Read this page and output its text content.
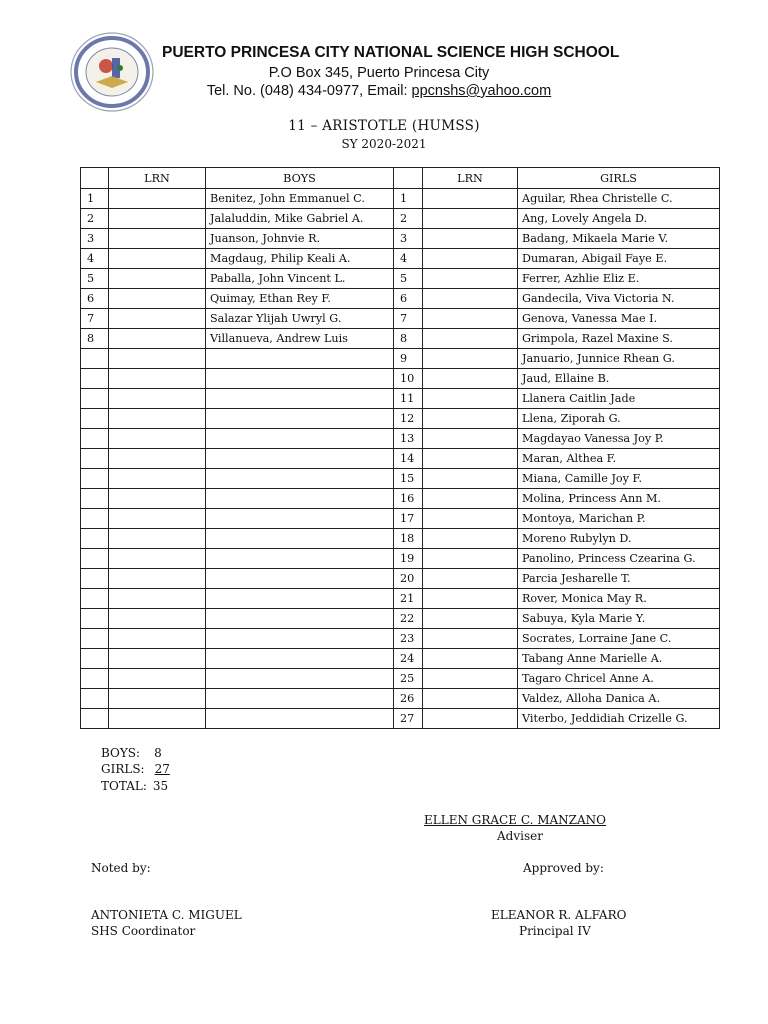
PUERTO PRINCESA CITY NATIONAL SCIENCE HIGH SCHOOL
P.O Box 345, Puerto Princesa City
Tel. No. (048) 434-0977, Email: ppcnshs@yahoo.com
11 – ARISTOTLE (HUMSS)
SY 2020-2021
	LRN	BOYS		LRN	GIRLS
1		Benitez, John Emmanuel C.	1		Aguilar, Rhea Christelle C.
2		Jalaluddin, Mike Gabriel A.	2		Ang, Lovely Angela D.
3		Juanson, Johnvie R.	3		Badang, Mikaela Marie V.
4		Magdaug, Philip Keali A.	4		Dumaran, Abigail Faye E.
5		Paballa, John Vincent L.	5		Ferrer, Azhlie Eliz E.
6		Quimay, Ethan Rey F.	6		Gandecila, Viva Victoria N.
7		Salazar Ylijah Uwryl G.	7		Genova, Vanessa Mae I.
8		Villanueva, Andrew Luis	8		Grimpola, Razel Maxine S.
			9		Januario, Junnice Rhean G.
			10		Jaud, Ellaine B.
			11		Llanera Caitlin Jade
			12		Llena, Ziporah G.
			13		Magdayao Vanessa Joy P.
			14		Maran, Althea F.
			15		Miana, Camille Joy F.
			16		Molina, Princess Ann M.
			17		Montoya, Marichan P.
			18		Moreno Rubylyn D.
			19		Panolino, Princess Czearina G.
			20		Parcia Jesharelle T.
			21		Rover, Monica May R.
			22		Sabuya, Kyla Marie Y.
			23		Socrates, Lorraine Jane C.
			24		Tabang Anne Marielle A.
			25		Tagaro Chricel Anne A.
			26		Valdez, Alloha Danica A.
			27		Viterbo, Jeddidiah Crizelle G.
BOYS: 8
GIRLS: 27
TOTAL: 35
ELLEN GRACE C. MANZANO
Adviser
Noted by:	Approved by:
ANTONIETA C. MIGUEL
SHS Coordinator
ELEANOR R. ALFARO
Principal IV
